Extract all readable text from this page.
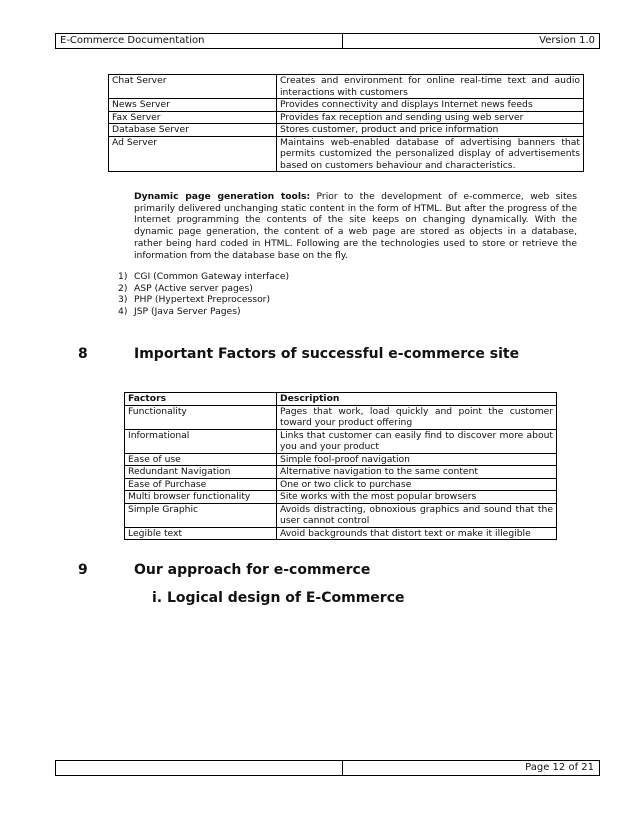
E-Commerce Documentation	Version 1.0
Chat Server	Creates and environment for online real-time text and audio interactions with customers
News Server	Provides connectivity and displays Internet news feeds
Fax Server	Provides fax reception and sending using web server
Database Server	Stores customer, product and price information
Ad Server	Maintains web-enabled database of advertising banners that permits customized the personalized display of advertisements based on customers behaviour and characteristics.

Dynamic page generation tools: Prior to the development of e-commerce, web sites primarily delivered unchanging static content in the form of HTML. But after the progress of the Internet programming the contents of the site keeps on changing dynamically. With the dynamic page generation, the content of a web page are stored as objects in a database, rather being hard coded in HTML. Following are the technologies used to store or retrieve the information from the database base on the fly.

1) CGI (Common Gateway interface)
2) ASP (Active server pages)
3) PHP (Hypertext Preprocessor)
4) JSP (Java Server Pages)
8	Important Factors of successful e-commerce site
Factors	Description
Functionality	Pages that work, load quickly and point the customer toward your product offering
Informational	Links that customer can easily find to discover more about you and your product
Ease of use	Simple fool-proof navigation
Redundant Navigation	Alternative navigation to the same content
Ease of Purchase	One or two click to purchase
Multi browser functionality	Site works with the most popular browsers
Simple Graphic	Avoids distracting, obnoxious graphics and sound that the user cannot control
Legible text	Avoid backgrounds that distort text or make it illegible
9	Our approach for e-commerce
i. Logical design of E-Commerce
Page 12 of 21
